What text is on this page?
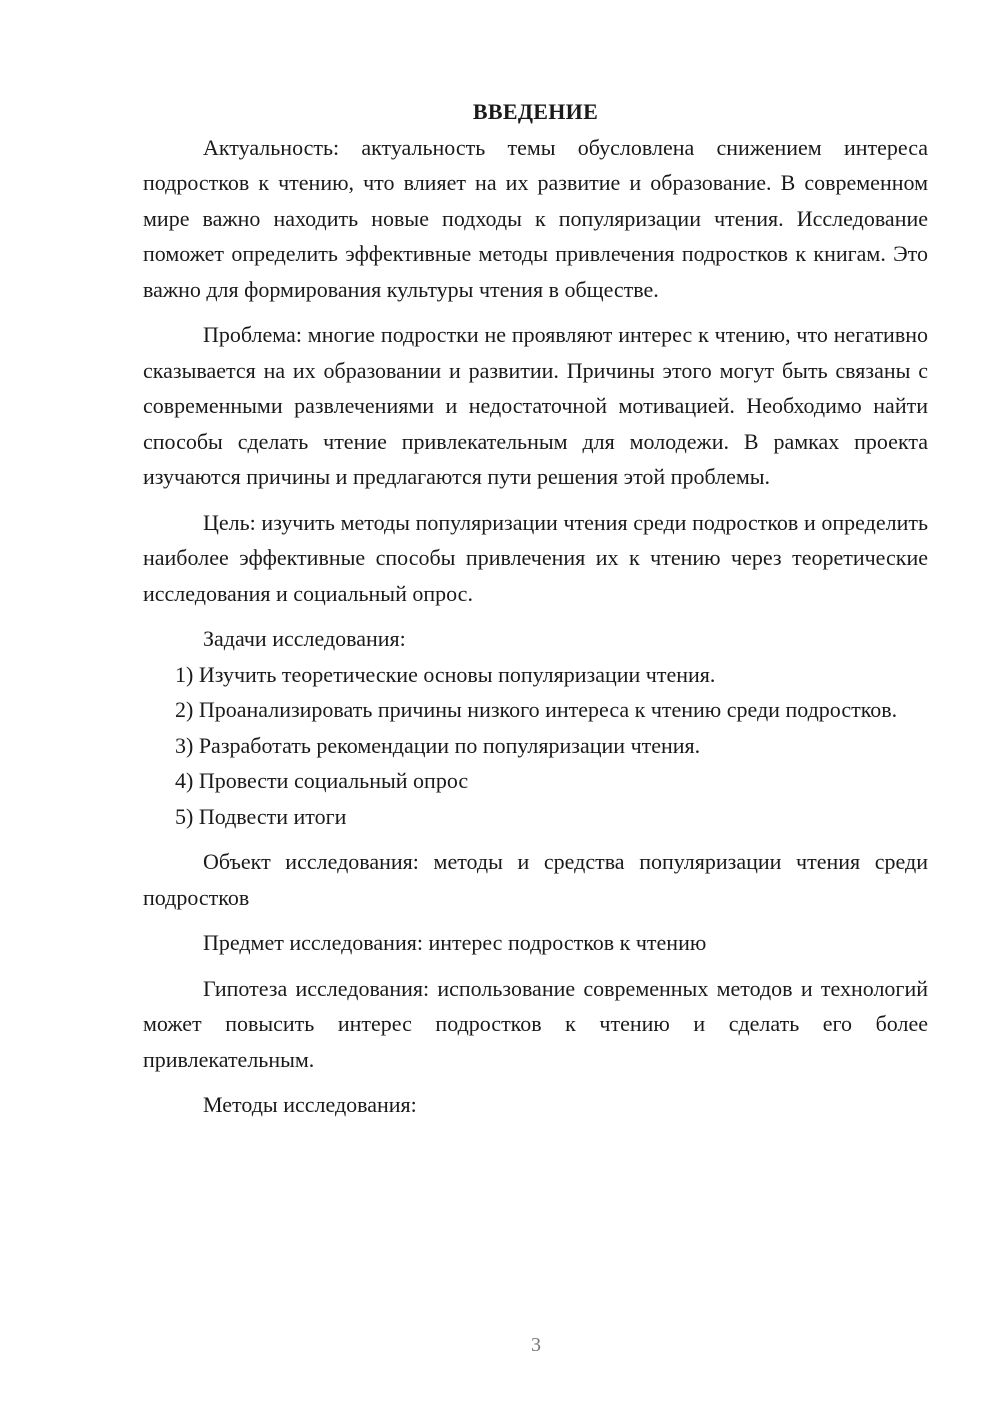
ВВЕДЕНИЕ

Актуальность: актуальность темы обусловлена снижением интереса подростков к чтению, что влияет на их развитие и образование. В современном мире важно находить новые подходы к популяризации чтения. Исследование поможет определить эффективные методы привлечения подростков к книгам. Это важно для формирования культуры чтения в обществе.

Проблема: многие подростки не проявляют интерес к чтению, что негативно сказывается на их образовании и развитии. Причины этого могут быть связаны с современными развлечениями и недостаточной мотивацией. Необходимо найти способы сделать чтение привлекательным для молодежи. В рамках проекта изучаются причины и предлагаются пути решения этой проблемы.

Цель: изучить методы популяризации чтения среди подростков и определить наиболее эффективные способы привлечения их к чтению через теоретические исследования и социальный опрос.

Задачи исследования:

1) Изучить теоретические основы популяризации чтения.

2) Проанализировать причины низкого интереса к чтению среди подростков.

3) Разработать рекомендации по популяризации чтения.

4) Провести социальный опрос

5) Подвести итоги

Объект исследования: методы и средства популяризации чтения среди подростков

Предмет исследования: интерес подростков к чтению

Гипотеза исследования: использование современных методов и технологий может повысить интерес подростков к чтению и сделать его более привлекательным.

Методы исследования:

3
